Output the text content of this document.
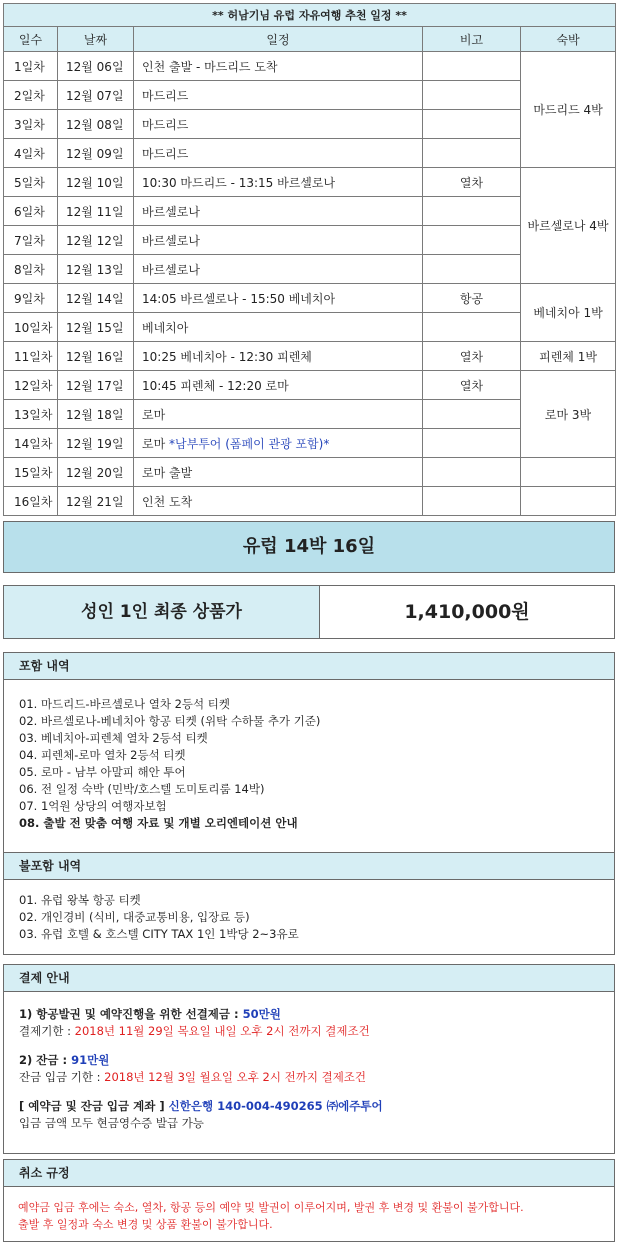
** 허남기님 유럽 자유여행 추천 일정 **				
일수	날짜	일정	비고	숙박
1일차	12월 06일	인천 출발 - 마드리드 도착		마드리드 4박
2일차	12월 07일	마드리드		
3일차	12월 08일	마드리드		
4일차	12월 09일	마드리드		
5일차	12월 10일	10:30 마드리드 - 13:15 바르셀로나	열차	바르셀로나 4박
6일차	12월 11일	바르셀로나		
7일차	12월 12일	바르셀로나		
8일차	12월 13일	바르셀로나		
9일차	12월 14일	14:05 바르셀로나 - 15:50 베네치아	항공	베네치아 1박
10일차	12월 15일	베네치아		
11일차	12월 16일	10:25 베네치아 - 12:30 피렌체	열차	피렌체 1박
12일차	12월 17일	10:45 피렌체 - 12:20 로마	열차	로마 3박
13일차	12월 18일	로마		
14일차	12월 19일	로마 *남부투어 (폼페이 관광 포함)*		
15일차	12월 20일	로마 출발		
16일차	12월 21일	인천 도착		
유럽 14박 16일
성인 1인 최종 상품가	1,410,000원
포함 내역
01. 마드리드-바르셀로나 열차 2등석 티켓
02. 바르셀로나-베네치아 항공 티켓 (위탁 수하물 추가 기준)
03. 베네치아-피렌체 열차 2등석 티켓
04. 피렌체-로마 열차 2등석 티켓
05. 로마 - 남부 아말피 해안 투어
06. 전 일정 숙박 (민박/호스텔 도미토리룸 14박)
07. 1억원 상당의 여행자보험
08. 출발 전 맞춤 여행 자료 및 개별 오리엔테이션 안내
불포함 내역
01. 유럽 왕복 항공 티켓
02. 개인경비 (식비, 대중교통비용, 입장료 등)
03. 유럽 호텔 & 호스텔 CITY TAX 1인 1박당 2~3유로
결제 안내
1) 항공발권 및 예약진행을 위한 선결제금 : 50만원
결제기한 : 2018년 11월 29일 목요일 내일 오후 2시 전까지 결제조건
2) 잔금 : 91만원
잔금 입금 기한 : 2018년 12월 3일 월요일 오후 2시 전까지 결제조건
[ 예약금 및 잔금 입금 계좌 ] 신한은행 140-004-490265 ㈜에주투어
입금 금액 모두 현금영수증 발급 가능
취소 규정
예약금 입금 후에는 숙소, 열차, 항공 등의 예약 및 발권이 이루어지며, 발권 후 변경 및 환불이 불가합니다.
출발 후 일정과 숙소 변경 및 상품 환불이 불가합니다.
